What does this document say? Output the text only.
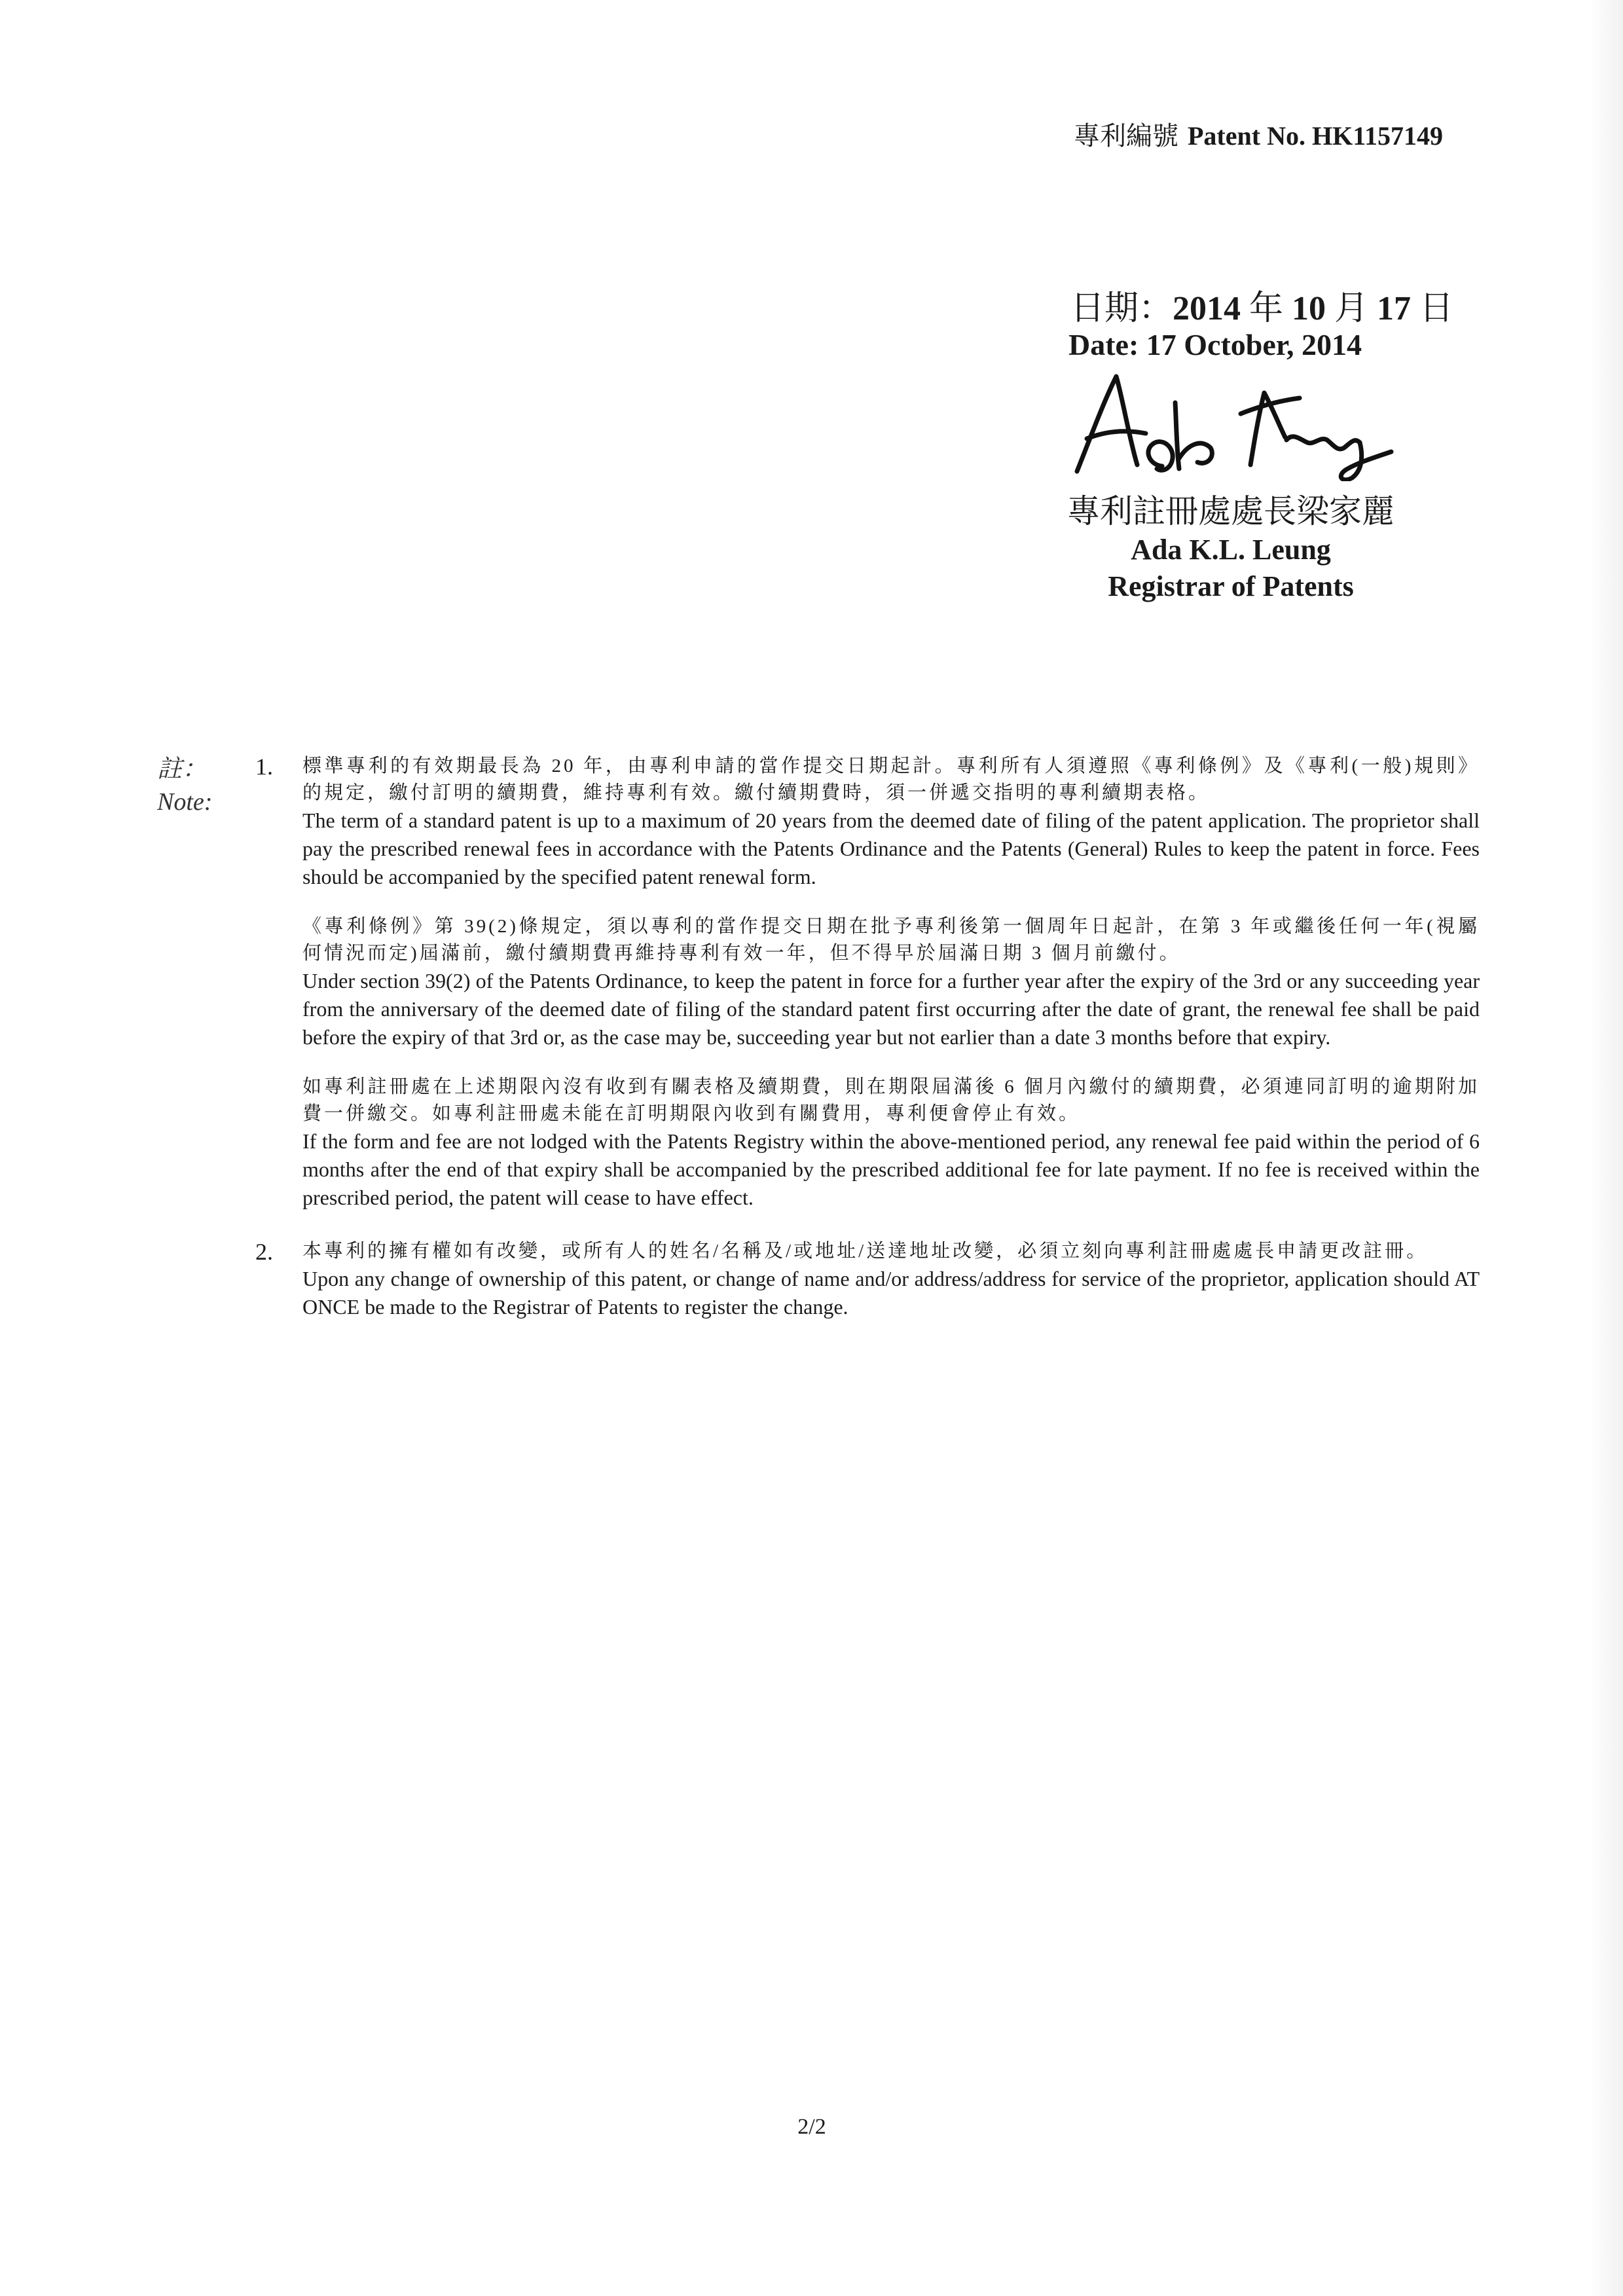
專利編號 Patent No. HK1157149
日期：2014 年 10 月 17 日
Date: 17 October, 2014
專利註冊處處長梁家麗
Ada K.L. Leung
Registrar of Patents
註：
Note:
1. 標準專利的有效期最長為 20 年，由專利申請的當作提交日期起計。專利所有人須遵照《專利條例》及《專利(一般)規則》的規定，繳付訂明的續期費，維持專利有效。繳付續期費時，須一併遞交指明的專利續期表格。
The term of a standard patent is up to a maximum of 20 years from the deemed date of filing of the patent application. The proprietor shall pay the prescribed renewal fees in accordance with the Patents Ordinance and the Patents (General) Rules to keep the patent in force. Fees should be accompanied by the specified patent renewal form.
《專利條例》第 39(2)條規定，須以專利的當作提交日期在批予專利後第一個周年日起計，在第 3 年或繼後任何一年(視屬何情況而定)屆滿前，繳付續期費再維持專利有效一年，但不得早於屆滿日期 3 個月前繳付。
Under section 39(2) of the Patents Ordinance, to keep the patent in force for a further year after the expiry of the 3rd or any succeeding year from the anniversary of the deemed date of filing of the standard patent first occurring after the date of grant, the renewal fee shall be paid before the expiry of that 3rd or, as the case may be, succeeding year but not earlier than a date 3 months before that expiry.
如專利註冊處在上述期限內沒有收到有關表格及續期費，則在期限屆滿後 6 個月內繳付的續期費，必須連同訂明的逾期附加費一併繳交。如專利註冊處未能在訂明期限內收到有關費用，專利便會停止有效。
If the form and fee are not lodged with the Patents Registry within the above-mentioned period, any renewal fee paid within the period of 6 months after the end of that expiry shall be accompanied by the prescribed additional fee for late payment. If no fee is received within the prescribed period, the patent will cease to have effect.
2. 本專利的擁有權如有改變，或所有人的姓名/名稱及/或地址/送達地址改變，必須立刻向專利註冊處處長申請更改註冊。
Upon any change of ownership of this patent, or change of name and/or address/address for service of the proprietor, application should AT ONCE be made to the Registrar of Patents to register the change.
2/2
